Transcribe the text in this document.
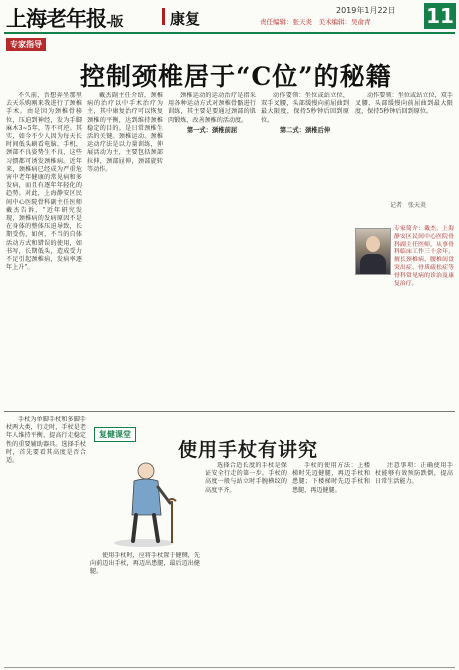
上海老年报-版	康复	2019年1月22日
责任编辑：张天炎　美术编辑：吴俞青	11
专家指导
控制颈椎居于“C位”的秘籍

不久前，吾想奔坐那里去天乐购刚来我进行了颈椎手术。由是因为颈椎骨移位，压迫到神经，发为手脚麻木3~5年，等不可逆。其实，如今不少人因为每天长时间低头刷看电脑、手机，颈部不良姿势生不良，这些习惯都可诱发颈椎病。近年来，颈椎病已经成为严重危害中老年健康的常见病和多发病，而且有逐年年轻化的趋势。对此，上海静安区民间中心医院骨科副主任医师戴杰告诉，“近年研究发现，颈椎病的发病原因不是在身体的整体压迫导致，长期受伤，如何，不当的自体活动方式和错误的使用，如书写，长期低头，造成受力不足引起颈椎病，发病率逐年上升”。

戴杰副主任介绍，颈椎病的治疗以中手术治疗为主，其中康复治疗可以恢复颈椎的平衡，达到维持颈椎稳定的目的。是日常颈椎生活的关键。颈椎运动。颈椎运动疗法是以力量训练，伸展活动为主，主要包括颈部拉伸，颈部屈伸，颈部旋转等动作。

颈椎运动的运动治疗是指采用各种运动方式对颈椎骨骼进行训练，其主要是要通过颈部的肌肉锻炼，改善颈椎的活动度。

第一式：颈椎前屈

动作要领：坐位或站立位，双手叉腰，头部缓慢向前屈曲到最大限度，保持5秒钟后回到原位。

第二式：颈椎后伸

动作要领：坐位或站立位，双手叉腰，头部缓慢向前屈曲到最大限度，保持5秒钟后回到原位。

记者　张天炎
专家简介：戴杰，上海静安区民间中心医院骨科副主任医师，从事骨科临床工作三十余年，擅长颈椎病、腰椎间盘突出症、骨质疏松症等骨科常见病的诊治及康复治疗。
复健课堂
使用手杖有讲究

手杖为单脚手杖和多脚手杖两大类，行走时，手杖是老年人维持平衡、提高行走稳定性的重要辅助器具。选择手杖时，首先要看其高度是否合适。

使用手杖时，应将手杖置于健侧，先向前迈出手杖，再迈出患腿，最后迈出健腿。

选择合适长度的手杖是保证安全行走的第一步。手杖的高度一般与站立时手腕横纹的高度平齐。

手杖的使用方法：上楼梯时先迈健腿，再迈手杖和患腿；下楼梯时先迈手杖和患腿，再迈健腿。

注意事项：正确使用手杖能够有效预防跌倒，提高日常生活能力。
